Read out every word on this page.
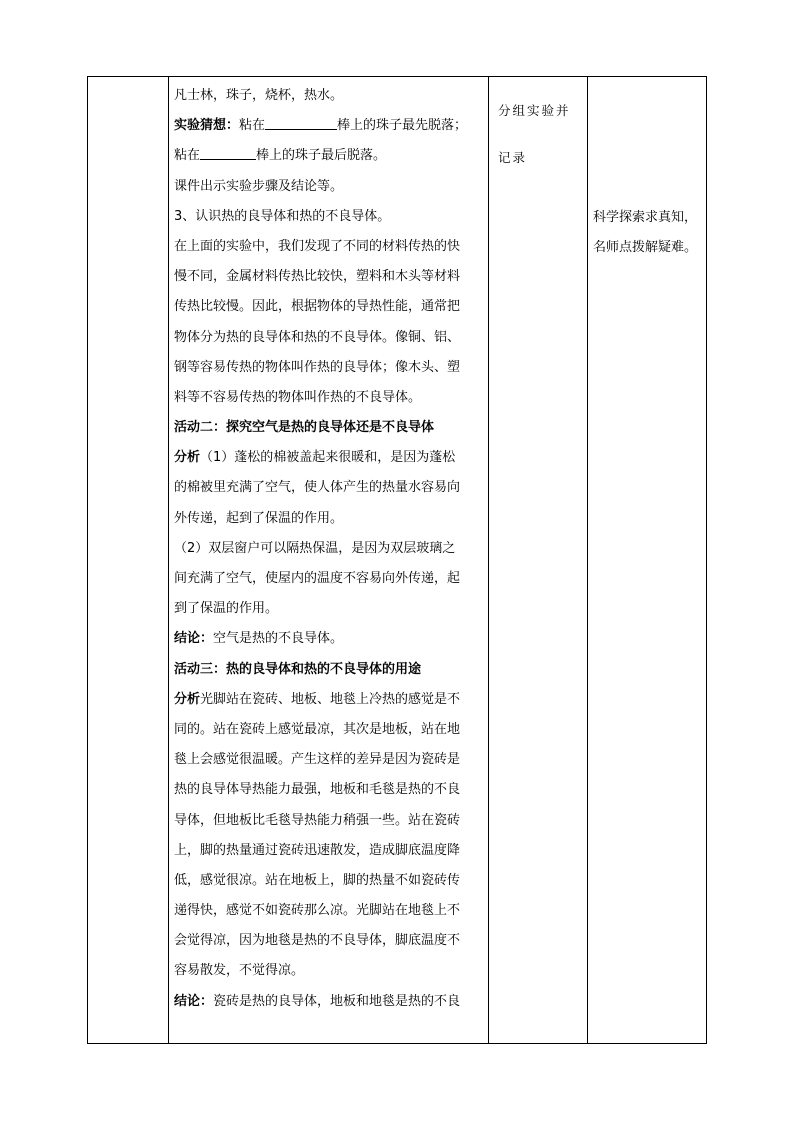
凡士林，珠子，烧杯，热水。
实验猜想：粘在	棒上的珠子最先脱落；
粘在	棒上的珠子最后脱落。
课件出示实验步骤及结论等。
3、认识热的良导体和热的不良导体。
在上面的实验中，我们发现了不同的材料传热的快
慢不同，金属材料传热比较快，塑料和木头等材料
传热比较慢。因此，根据物体的导热性能，通常把
物体分为热的良导体和热的不良导体。像铜、铝、
钢等容易传热的物体叫作热的良导体；像木头、塑
料等不容易传热的物体叫作热的不良导体。
活动二：探究空气是热的良导体还是不良导体
分析（1）蓬松的棉被盖起来很暖和，是因为蓬松
的棉被里充满了空气，使人体产生的热量水容易向
外传递，起到了保温的作用。
（2）双层窗户可以隔热保温，是因为双层玻璃之
间充满了空气，使屋内的温度不容易向外传递，起
到了保温的作用。
结论：空气是热的不良导体。
活动三：热的良导体和热的不良导体的用途
分析光脚站在瓷砖、地板、地毯上冷热的感觉是不
同的。站在瓷砖上感觉最凉，其次是地板，站在地
毯上会感觉很温暖。产生这样的差异是因为瓷砖是
热的良导体导热能力最强，地板和毛毯是热的不良
导体，但地板比毛毯导热能力稍强一些。站在瓷砖
上，脚的热量通过瓷砖迅速散发，造成脚底温度降
低，感觉很凉。站在地板上，脚的热量不如瓷砖传
递得快，感觉不如瓷砖那么凉。光脚站在地毯上不
会觉得凉，因为地毯是热的不良导体，脚底温度不
容易散发，不觉得凉。
结论：瓷砖是热的良导体，地板和地毯是热的不良
分组实验并
记录
科学探索求真知，
名师点拨解疑难。
